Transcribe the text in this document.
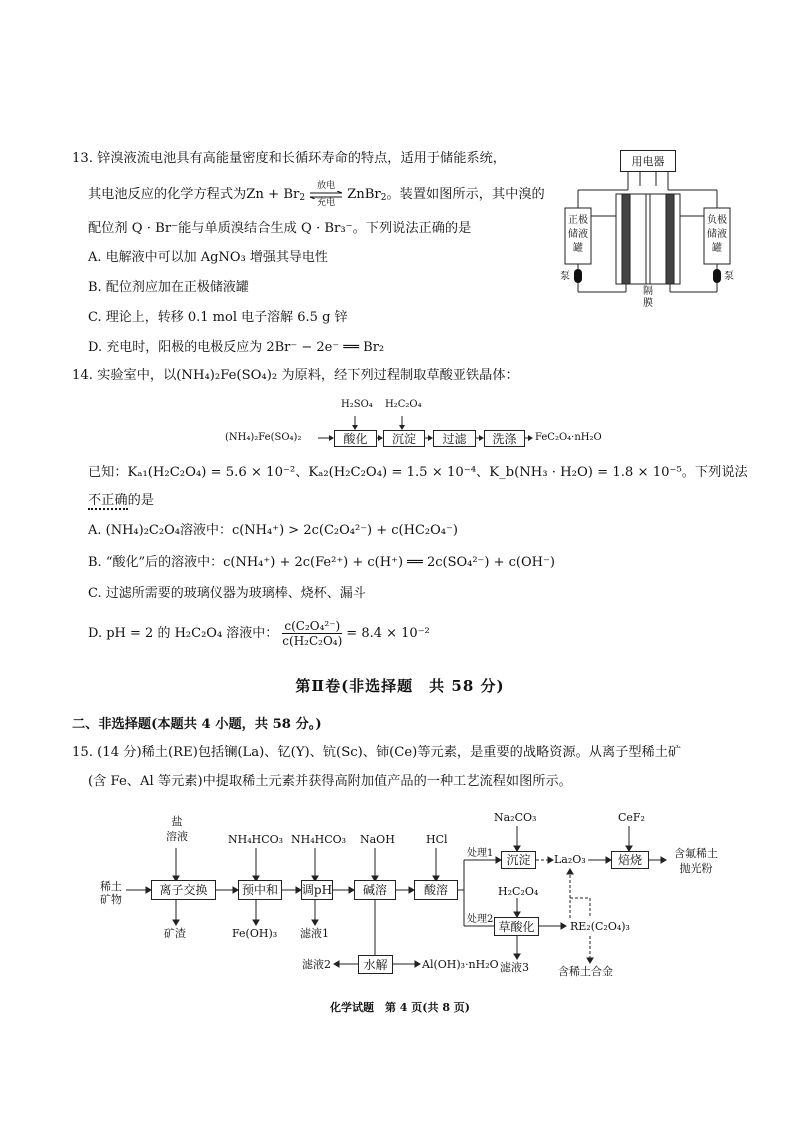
13. 锌溴液流电池具有高能量密度和长循环寿命的特点，适用于储能系统，
其电池反应的化学方程式为Zn + Br 2
放电
充电
ZnBr 2 。装置如图所示，其中溴的
配位剂 Q · Br⁻能与单质溴结合生成 Q · Br₃⁻。下列说法正确的是
A. 电解液中可以加 AgNO₃ 增强其导电性
B. 配位剂应加在正极储液罐
C. 理论上，转移 0.1 mol 电子溶解 6.5 g 锌
D. 充电时，阳极的电极反应为 2Br⁻ − 2e⁻ ══ Br₂
用电器
正极
储液
罐
负极
储液
罐
泵	泵
隔
膜
14. 实验室中，以(NH₄)₂Fe(SO₄)₂ 为原料，经下列过程制取草酸亚铁晶体：
H₂SO₄ H₂C₂O₄
(NH₄)₂Fe(SO₄)₂	酸化	沉淀	过滤	洗涤	FeC₂O₄·nH₂O
已知：Kₐ₁(H₂C₂O₄) = 5.6 × 10⁻²、Kₐ₂(H₂C₂O₄) = 1.5 × 10⁻⁴、K_b(NH₃ · H₂O) = 1.8 × 10⁻⁵。下列说法
不正确的是
A. (NH₄)₂C₂O₄溶液中：c(NH₄⁺) > 2c(C₂O₄²⁻) + c(HC₂O₄⁻)
B. “酸化”后的溶液中：c(NH₄⁺) + 2c(Fe²⁺) + c(H⁺) ══ 2c(SO₄²⁻) + c(OH⁻)
C. 过滤所需要的玻璃仪器为玻璃棒、烧杯、漏斗
D. pH = 2 的 H₂C₂O₄ 溶液中： $\frac{\text{c(C₂O₄²⁻)}}{\text{c(H₂C₂O₄)}} = 8.4 \times 10^{-2}$
第Ⅱ卷(非选择题　共 58 分)
二、非选择题(本题共 4 小题，共 58 分。)
15. (14 分)稀土(RE)包括镧(La)、钇(Y)、钪(Sc)、铈(Ce)等元素，是重要的战略资源。从离子型稀土矿
(含 Fe、Al 等元素)中提取稀土元素并获得高附加值产品的一种工艺流程如图所示。
稀土
矿物
盐
溶液	NH₄HCO₃ NH₄HCO₃ NaOH	HCl
离子交换	预中和	调pH	碱溶	酸溶
矿渣	Fe(OH)₃ 滤液1
处理1
处理2
Na₂CO₃
沉淀	La₂O₃
CeF₂
焙烧	含氟稀土
抛光粉
H₂C₂O₄
草酸化	RE₂(C₂O₄)₃
滤液3	含稀土合金
水解
滤液2	Al(OH)₃·nH₂O
化学试题　第 4 页(共 8 页)
